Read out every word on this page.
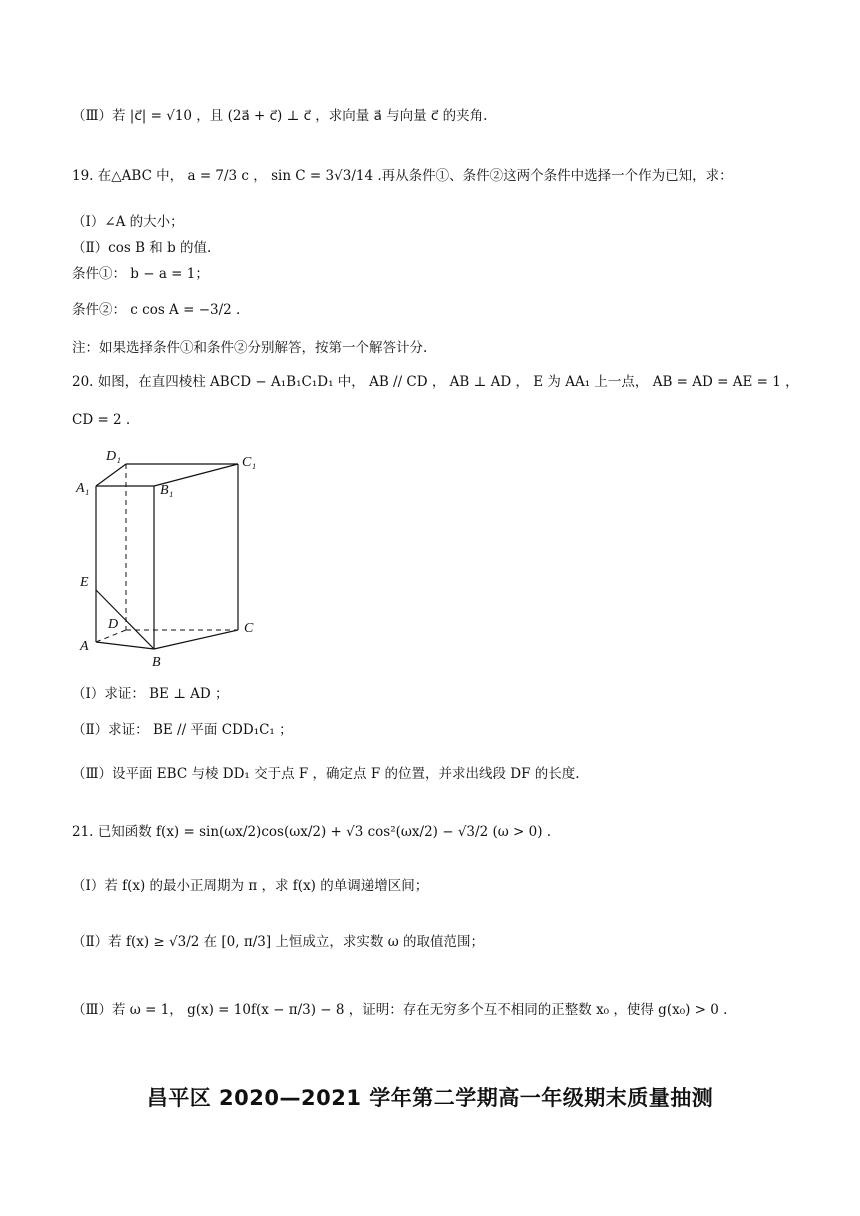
（Ⅲ）若 |c⃗| = √10 ，且 (2a⃗ + c⃗) ⊥ c⃗ ，求向量 a⃗ 与向量 c⃗ 的夹角.
19. 在△ABC 中， a = 7/3 c ， sin C = 3√3/14 .再从条件①、条件②这两个条件中选择一个作为已知，求：
（Ⅰ）∠A 的大小；
（Ⅱ）cos B 和 b 的值.
条件①： b − a = 1；
条件②： c cos A = −3/2 .
注：如果选择条件①和条件②分别解答，按第一个解答计分.
20. 如图，在直四棱柱 ABCD − A₁B₁C₁D₁ 中， AB // CD ， AB ⊥ AD ， E 为 AA₁ 上一点， AB = AD = AE = 1 ，
CD = 2 .
D₁	C₁
A₁	B₁
E
D	C
A
B
（Ⅰ）求证： BE ⊥ AD ；
（Ⅱ）求证： BE // 平面 CDD₁C₁ ；
（Ⅲ）设平面 EBC 与棱 DD₁ 交于点 F ，确定点 F 的位置，并求出线段 DF 的长度.
21. 已知函数 f(x) = sin(ωx/2)cos(ωx/2) + √3 cos²(ωx/2) − √3/2 (ω > 0) .
（Ⅰ）若 f(x) 的最小正周期为 π ，求 f(x) 的单调递增区间；
（Ⅱ）若 f(x) ≥ √3/2 在 [0, π/3] 上恒成立，求实数 ω 的取值范围；
（Ⅲ）若 ω = 1， g(x) = 10f(x − π/3) − 8 ，证明：存在无穷多个互不相同的正整数 x₀ ，使得 g(x₀) > 0 .
昌平区 2020—2021 学年第二学期高一年级期末质量抽测
